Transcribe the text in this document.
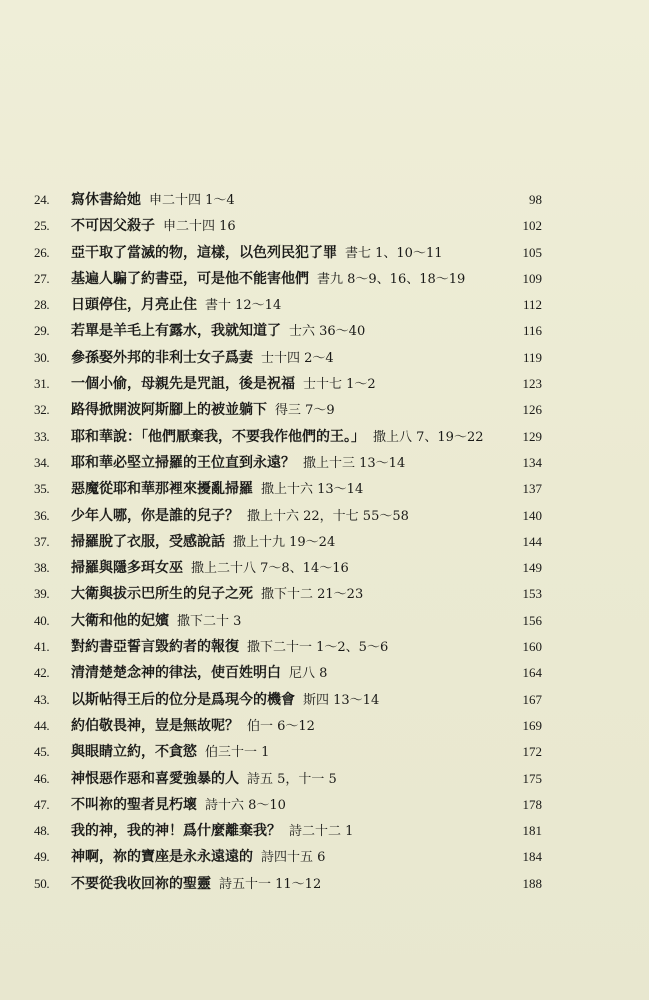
24.	寫休書給她 申二十四 1～4	98
25.	不可因父殺子 申二十四 16	102
26.	亞干取了當滅的物，這樣，以色列民犯了罪 書七 1、10～11	105
27.	基遍人騙了約書亞，可是他不能害他們 書九 8～9、16、18～19	109
28.	日頭停住，月亮止住 書十 12～14	112
29.	若單是羊毛上有露水，我就知道了 士六 36～40	116
30.	參孫娶外邦的非利士女子爲妻 士十四 2～4	119
31.	一個小偷，母親先是咒詛，後是祝福 士十七 1～2	123
32.	路得掀開波阿斯腳上的被並躺下 得三 7～9	126
33.	耶和華說：「他們厭棄我，不要我作他們的王。」 撒上八 7、19～22	129
34.	耶和華必堅立掃羅的王位直到永遠？ 撒上十三 13～14	134
35.	惡魔從耶和華那裡來擾亂掃羅 撒上十六 13～14	137
36.	少年人哪，你是誰的兒子？ 撒上十六 22，十七 55～58	140
37.	掃羅脫了衣服，受感說話 撒上十九 19～24	144
38.	掃羅與隱多珥女巫 撒上二十八 7～8、14～16	149
39.	大衛與拔示巴所生的兒子之死 撒下十二 21～23	153
40.	大衛和他的妃嬪 撒下二十 3	156
41.	對約書亞誓言毀約者的報復 撒下二十一 1～2、5～6	160
42.	清清楚楚念神的律法，使百姓明白 尼八 8	164
43.	以斯帖得王后的位分是爲現今的機會 斯四 13～14	167
44.	約伯敬畏神，豈是無故呢？ 伯一 6～12	169
45.	與眼睛立約，不貪慾 伯三十一 1	172
46.	神恨惡作惡和喜愛強暴的人 詩五 5，十一 5	175
47.	不叫祢的聖者見朽壞 詩十六 8～10	178
48.	我的神，我的神！爲什麼離棄我？ 詩二十二 1	181
49.	神啊，祢的寶座是永永遠遠的 詩四十五 6	184
50.	不要從我收回祢的聖靈 詩五十一 11～12	188
